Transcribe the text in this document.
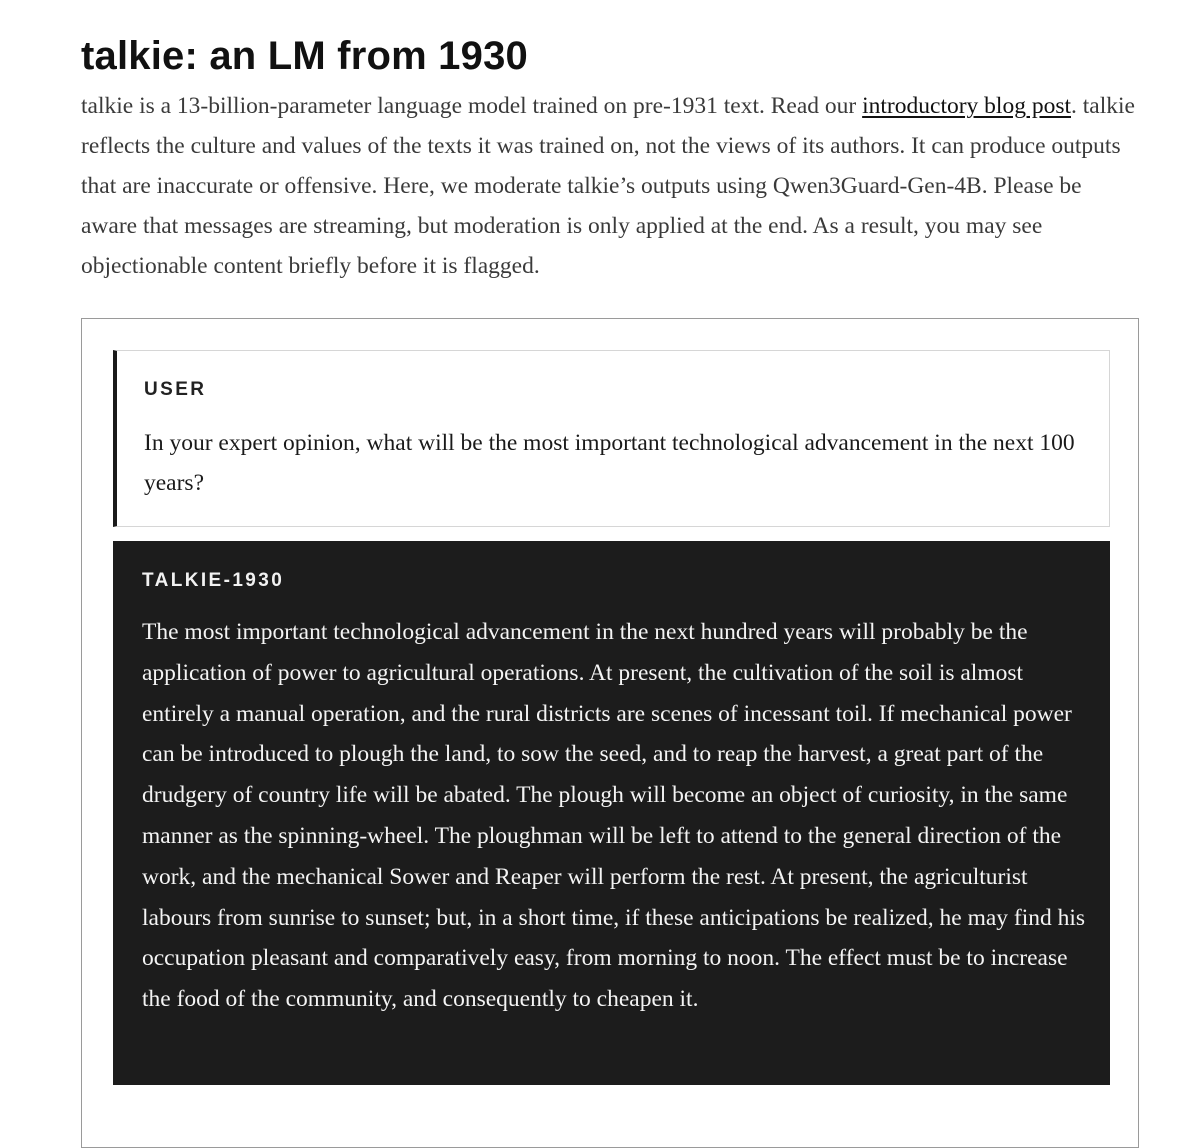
talkie: an LM from 1930

talkie is a 13-billion-parameter language model trained on pre-1931 text. Read our introductory blog post. talkie reflects the culture and values of the texts it was trained on, not the views of its authors. It can produce outputs that are inaccurate or offensive. Here, we moderate talkie’s outputs using Qwen3Guard-Gen-4B. Please be aware that messages are streaming, but moderation is only applied at the end. As a result, you may see objectionable content briefly before it is flagged.

USER

In your expert opinion, what will be the most important technological advancement in the next 100 years?

TALKIE-1930

The most important technological advancement in the next hundred years will probably be the application of power to agricultural operations. At present, the cultivation of the soil is almost entirely a manual operation, and the rural districts are scenes of incessant toil. If mechanical power can be introduced to plough the land, to sow the seed, and to reap the harvest, a great part of the drudgery of country life will be abated. The plough will become an object of curiosity, in the same manner as the spinning-wheel. The ploughman will be left to attend to the general direction of the work, and the mechanical Sower and Reaper will perform the rest. At present, the agriculturist labours from sunrise to sunset; but, in a short time, if these anticipations be realized, he may find his occupation pleasant and comparatively easy, from morning to noon. The effect must be to increase the food of the community, and consequently to cheapen it.
